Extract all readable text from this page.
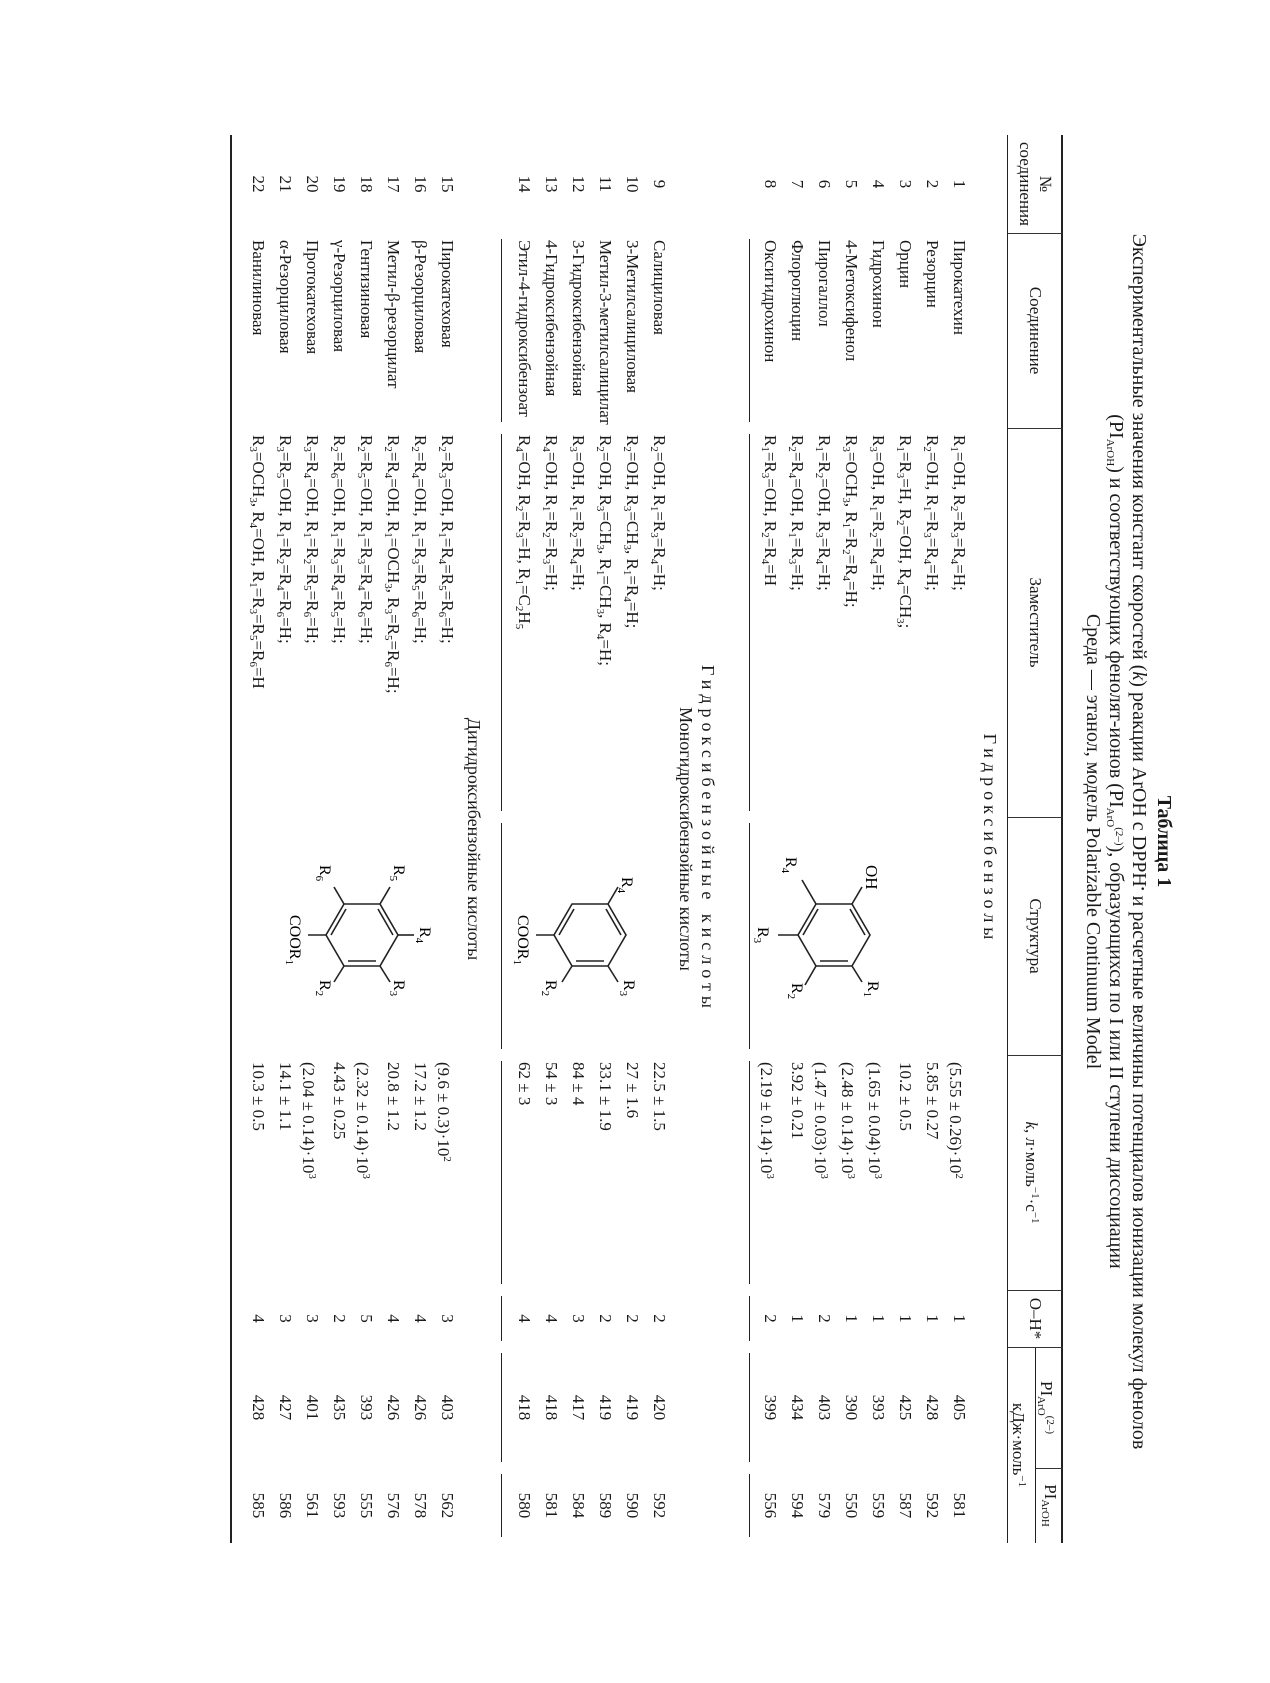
Таблица 1
Экспериментальные значения констант скоростей (k) реакции ArOH с DPPH• и расчетные величины потенциалов ионизации молекул фенолов
$(PI_{ArOH})$ и соответствующих фенолят-ионов $(PI_{ArO}^{(2-)})$, образующихся по I или II ступени диссоциации
Среда — этанол, модель Polarizable Continuum Model
№
соединения
Соединение
Заместитель
Структура
k, $л\cdot моль^{-1}\cdot с^{-1}$
O–H*
$PI_{ArO}^{(2-)}$
$PI_{ArOH}$
кДж·моль$^{-1}$
Гидроксибензолы
Гидроксибензойные кислоты
Моногидроксибензойные кислоты
Дигидроксибензойные кислоты	OH
$R_1$
$R_2$
$R_3$
$R_4$
$R_4$
$R_3$
$R_2$
$COOR_1$
$R_4$
$R_5$
$R_3$
$R_6$
$R_2$
$COOR_1$
1
Пирокатехин
$R_1=OH$, $R_2=R_3=R_4=H$;
$(5.55 \pm 0.26)\cdot 10^2$
1
405
581
2
Резорцин
$R_2=OH$, $R_1=R_3=R_4=H$;
5.85 ± 0.27
1
428
592
3
Орцин
$R_1=R_3=H$, $R_2=OH$, $R_4=CH_3$;
10.2 ± 0.5
1
425
587
4
Гидрохинон
$R_3=OH$, $R_1=R_2=R_4=H$;
$(1.65 \pm 0.04)\cdot 10^3$
1
393
559
5
4-Метоксифенол
$R_3=OCH_3$, $R_1=R_2=R_4=H$;
$(2.48 \pm 0.14)\cdot 10^3$
1
390
550
6
Пирогаллол
$R_1=R_2=OH$, $R_3=R_4=H$;
$(1.47 \pm 0.03)\cdot 10^3$
2
403
579
7
Флороглюцин
$R_2=R_4=OH$, $R_1=R_3=H$;
3.92 ± 0.21
1
434
594
8
Оксигидрохинон
$R_1=R_3=OH$, $R_2=R_4=H$
$(2.19 \pm 0.14)\cdot 10^3$
2
399
556
9
Салициловая
$R_2=OH$, $R_1=R_3=R_4=H$;
22.5 ± 1.5
2
420
592
10
3-Метилсалициловая
$R_2=OH$, $R_3=CH_3$, $R_1=R_4=H$;
27 ± 1.6
2
419
590
11
Метил-3-метилсалицилат
$R_2=OH$, $R_3=CH_3$, $R_1=CH_3$, $R_4=H$;
33.1 ± 1.9
2
419
589
12
3-Гидроксибензойная
$R_3=OH$, $R_1=R_2=R_4=H$;
84 ± 4
3
417
584
13
4-Гидроксибензойная
$R_4=OH$, $R_1=R_2=R_3=H$;
54 ± 3
4
418
581
14
Этил-4-гидроксибензоат
$R_4=OH$, $R_2=R_3=H$, $R_1=C_2H_5$
62 ± 3
4
418
580
15
Пирокатеховая
$R_2=R_3=OH$, $R_1=R_4=R_5=R_6=H$;
$(9.6 \pm 0.3)\cdot 10^2$
3
403
562
16
β-Резорциловая
$R_2=R_4=OH$, $R_1=R_3=R_5=R_6=H$;
17.2 ± 1.2
4
426
578
17
Метил-β-резорцилат
$R_2=R_4=OH$, $R_1=OCH_3$, $R_3=R_5=R_6=H$;
20.8 ± 1.2
4
426
576
18
Гентизиновая
$R_2=R_5=OH$, $R_1=R_3=R_4=R_6=H$;
$(2.32 \pm 0.14)\cdot 10^3$
5
393
555
19
γ-Резорциловая
$R_2=R_6=OH$, $R_1=R_3=R_4=R_5=H$;
4.43 ± 0.25
2
435
593
20
Протокатеховая
$R_3=R_4=OH$, $R_1=R_2=R_5=R_6=H$;
$(2.04 \pm 0.14)\cdot 10^3$
3
401
561
21
α-Резорциловая
$R_3=R_5=OH$, $R_1=R_2=R_4=R_6=H$;
14.1 ± 1.1
3
427
586
22
Ванилиновая
$R_3=OCH_3$, $R_4=OH$, $R_1=R_3=R_5=R_6=H$
10.3 ± 0.5
4
428
585
